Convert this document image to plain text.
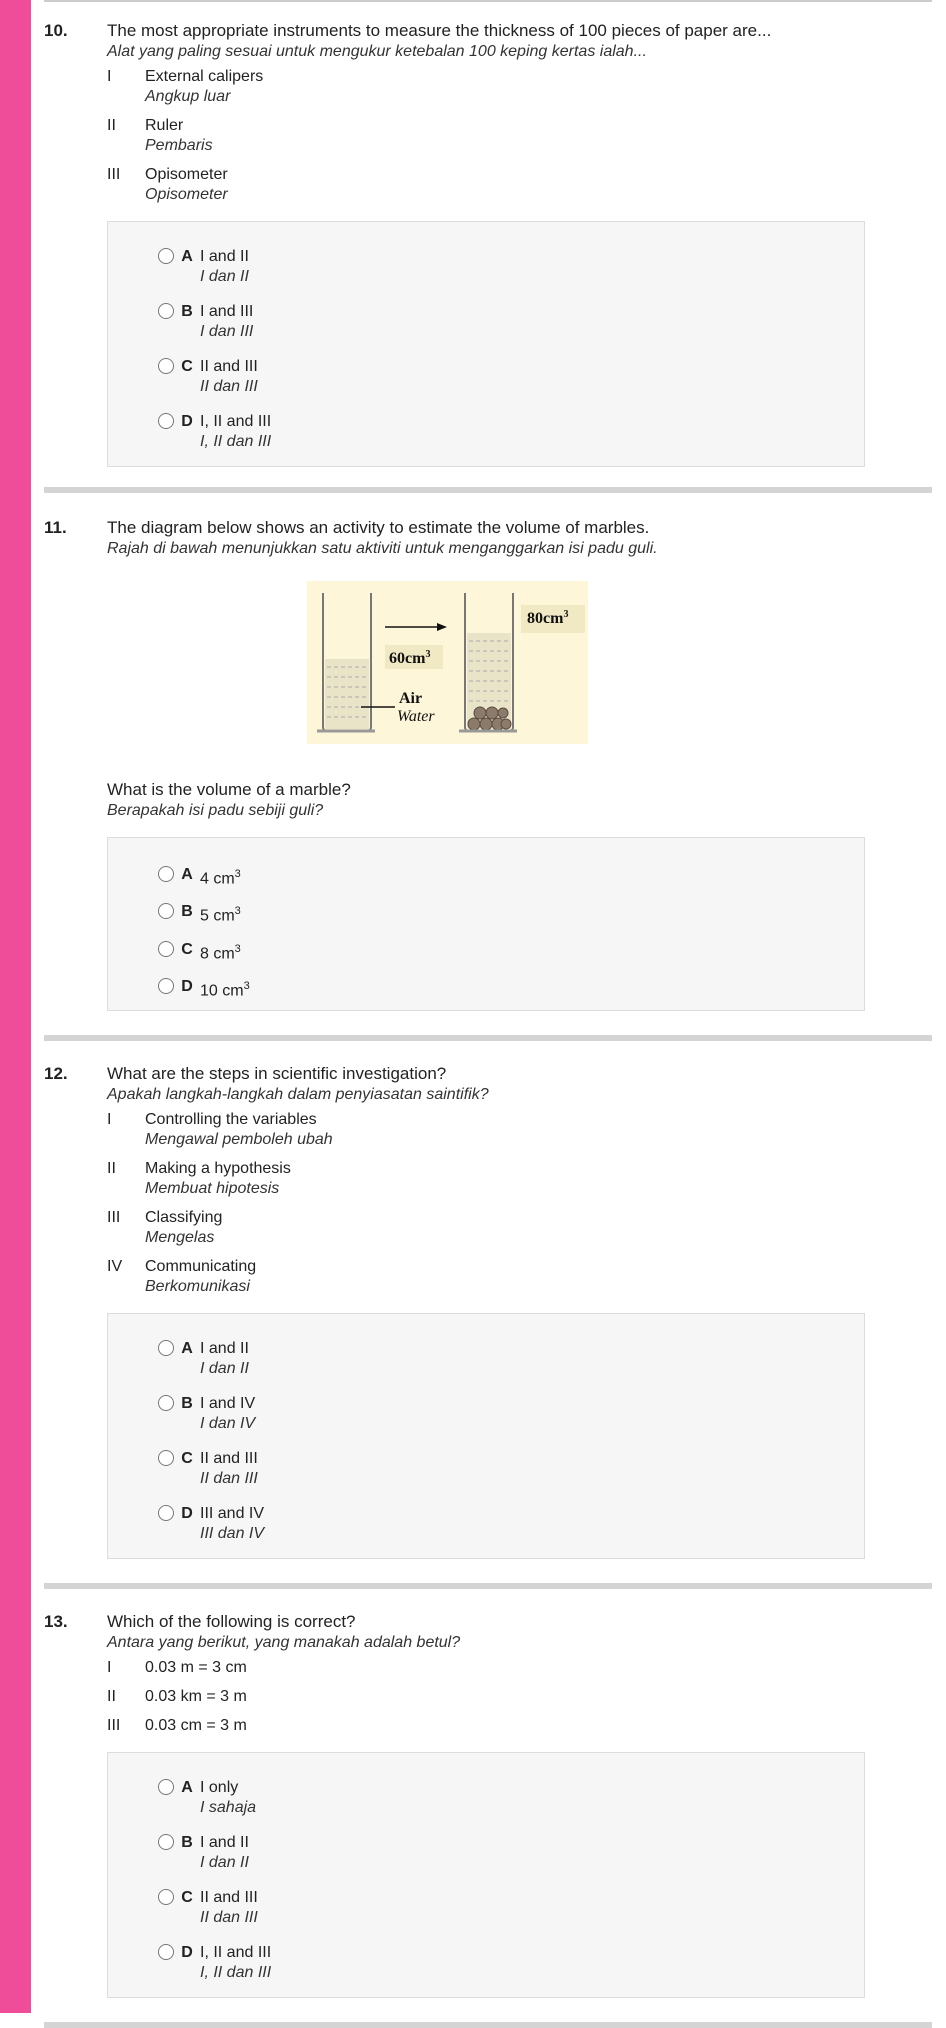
10.	The most appropriate instruments to measure the thickness of 100 pieces of paper are...
Alat yang paling sesuai untuk mengukur ketebalan 100 keping kertas ialah...
I	External calipers
Angkup luar
II	Ruler
Pembaris
III	Opisometer
Opisometer
A I and II
I dan II
B I and III
I dan III
C II and III
II dan III
D I, II and III
I, II dan III
11.	The diagram below shows an activity to estimate the volume of marbles.
Rajah di bawah menunjukkan satu aktiviti untuk menganggarkan isi padu guli.
$60cm^3$
$80cm^3$
Air
Water
What is the volume of a marble?
Berapakah isi padu sebiji guli?
A 4 $cm^3$
B 5 $cm^3$
C 8 $cm^3$
D 10 $cm^3$
12.	What are the steps in scientific investigation?
Apakah langkah-langkah dalam penyiasatan saintifik?
I	Controlling the variables
Mengawal pemboleh ubah
II	Making a hypothesis
Membuat hipotesis
III	Classifying
Mengelas
IV	Communicating
Berkomunikasi
A I and II
I dan II
B I and IV
I dan IV
C II and III
II dan III
D III and IV
III dan IV
13.	Which of the following is correct?
Antara yang berikut, yang manakah adalah betul?
I	0.03 m = 3 cm
II	0.03 km = 3 m
III	0.03 cm = 3 m
A I only
I sahaja
B I and II
I dan II
C II and III
II dan III
D I, II and III
I, II dan III
